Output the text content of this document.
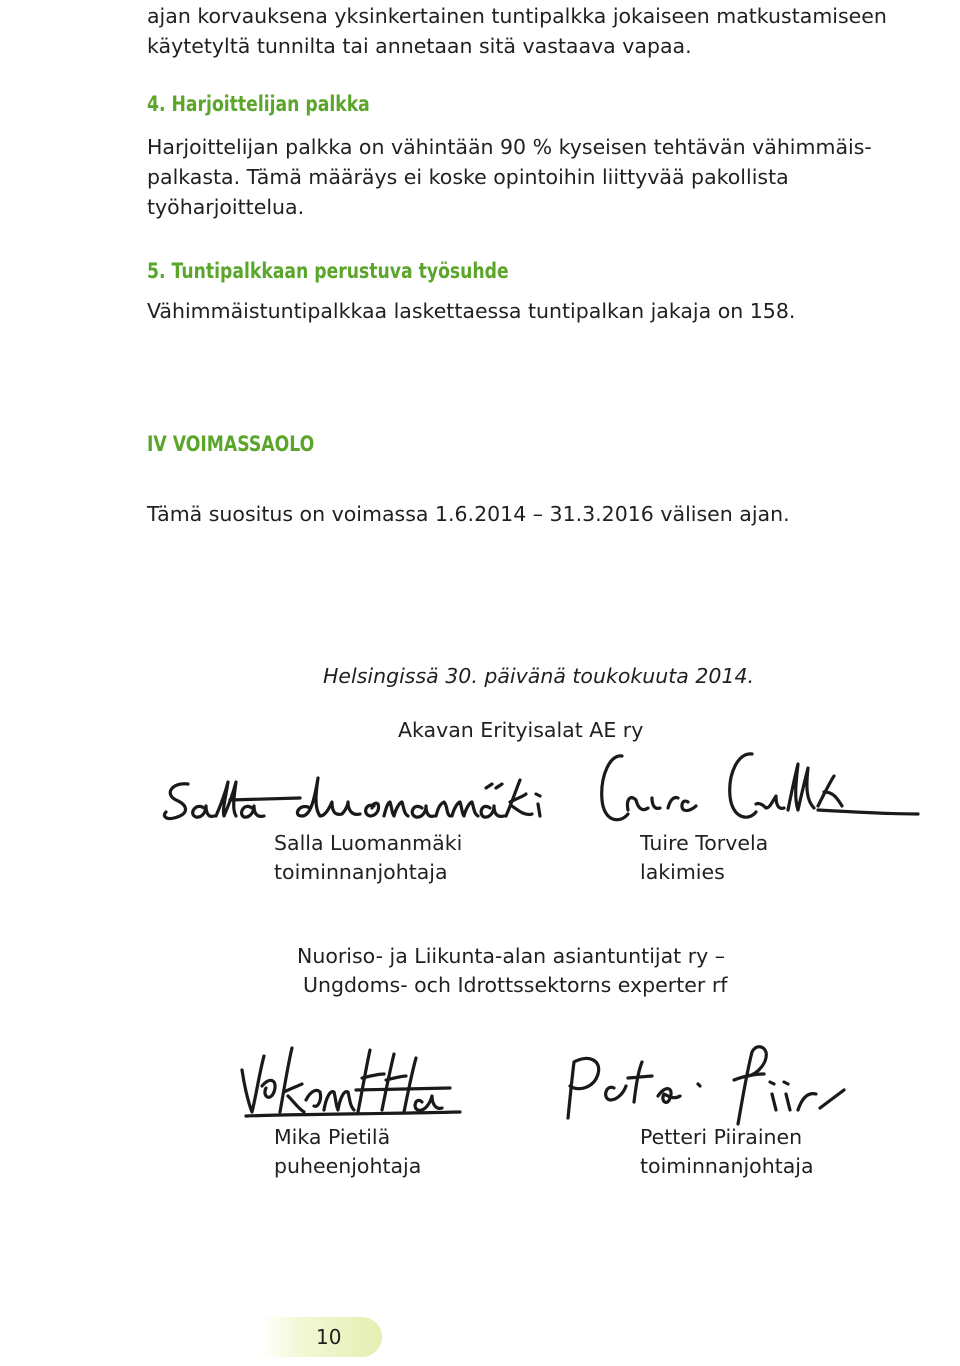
ajan korvauksena yksinkertainen tuntipalkka jokaiseen matkustamiseen

käytetyltä tunnilta tai annetaan sitä vastaava vapaa.

4. Harjoittelijan palkka

Harjoittelijan palkka on vähintään 90 % kyseisen tehtävän vähimmäis-

palkasta. Tämä määräys ei koske opintoihin liittyvää pakollista

työharjoittelua.

5. Tuntipalkkaan perustuva työsuhde

Vähimmäistuntipalkkaa laskettaessa tuntipalkan jakaja on 158.

IV VOIMASSAOLO

Tämä suositus on voimassa 1.6.2014 – 31.3.2016 välisen ajan.

Helsingissä 30. päivänä toukokuuta 2014.

Akavan Erityisalat AE ry

Salla Luomanmäki

toiminnanjohtaja

Tuire Torvela

lakimies

Nuoriso- ja Liikunta-alan asiantuntijat ry –

Ungdoms- och Idrottssektorns experter rf

Mika Pietilä

puheenjohtaja

Petteri Piirainen

toiminnanjohtaja

10
